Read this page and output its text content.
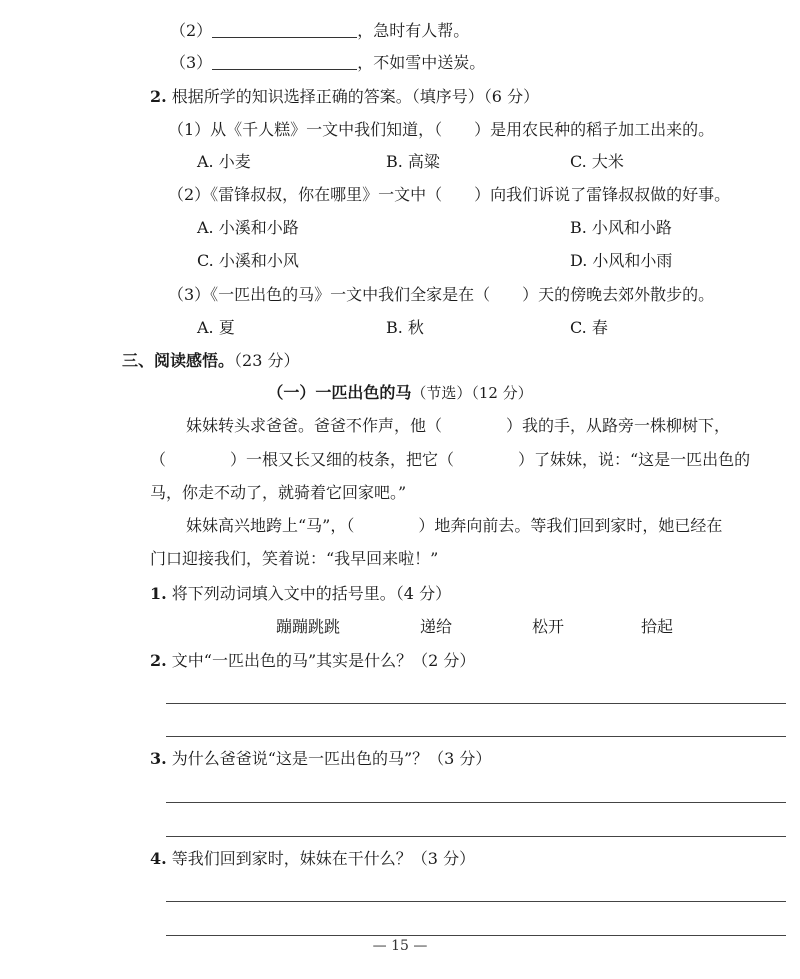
（2）	，急时有人帮。
（3）	，不如雪中送炭。
2. 根据所学的知识选择正确的答案。（填序号）（6 分）
（1）从《千人糕》一文中我们知道，（　　）是用农民种的稻子加工出来的。
A. 小麦	B. 高粱	C. 大米
（2）《雷锋叔叔，你在哪里》一文中（　　）向我们诉说了雷锋叔叔做的好事。
A. 小溪和小路	B. 小风和小路
C. 小溪和小风	D. 小风和小雨
（3）《一匹出色的马》一文中我们全家是在（　　）天的傍晚去郊外散步的。
A. 夏	B. 秋	C. 春
三、阅读感悟。（23 分）
（一）一匹出色的马（节选）（12 分）
妹妹转头求爸爸。爸爸不作声，他（　　　　）我的手，从路旁一株柳树下，
（　　　　）一根又长又细的枝条，把它（　　　　）了妹妹，说：“这是一匹出色的
马，你走不动了，就骑着它回家吧。”
妹妹高兴地跨上“马”，（　　　　）地奔向前去。等我们回到家时，她已经在
门口迎接我们，笑着说：“我早回来啦！”
1. 将下列动词填入文中的括号里。（4 分）
蹦蹦跳跳	递给	松开	拾起
2. 文中“一匹出色的马”其实是什么？（2 分）
3. 为什么爸爸说“这是一匹出色的马”？（3 分）
4. 等我们回到家时，妹妹在干什么？（3 分）
— 15 —
